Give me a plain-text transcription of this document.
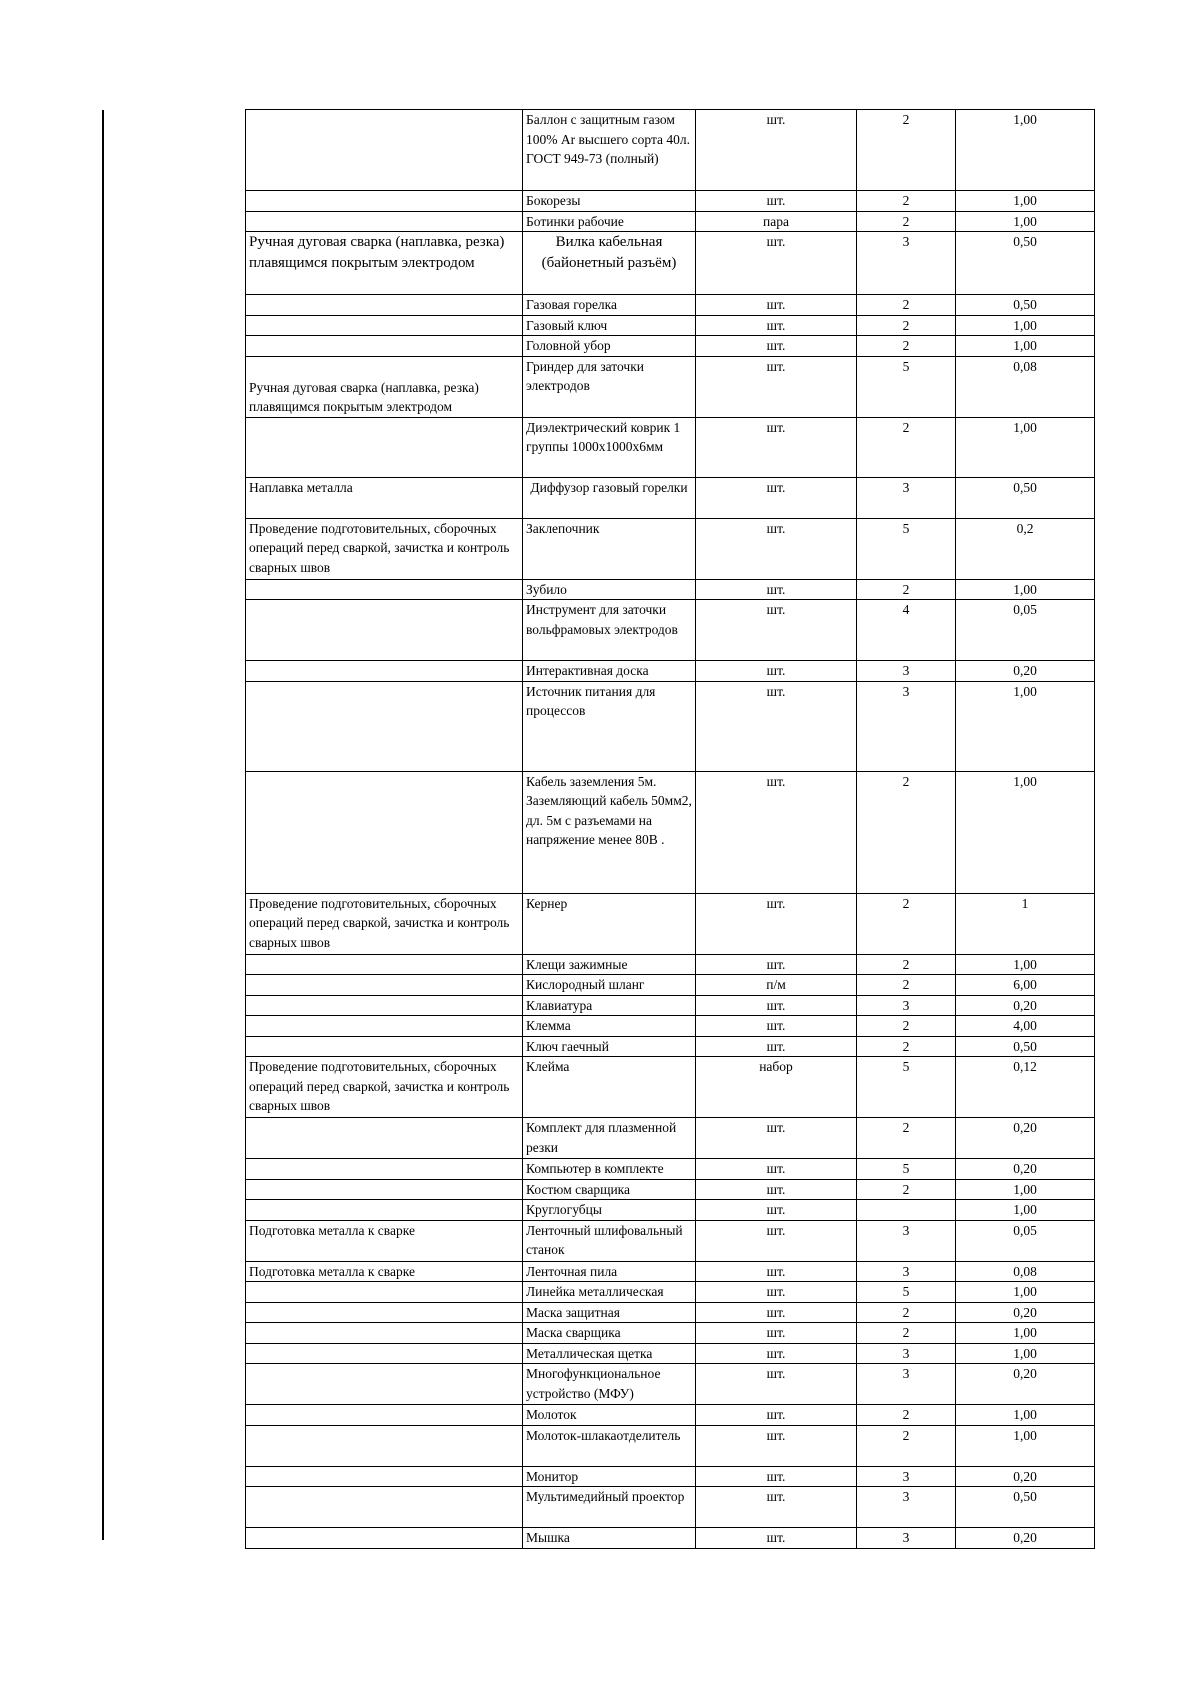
	Баллон с защитным газом 100% Ar высшего сорта 40л. ГОСТ 949-73 (полный)	шт.	2	1,00
	Бокорезы	шт.	2	1,00
	Ботинки рабочие	пара	2	1,00
Ручная дуговая сварка (наплавка, резка) плавящимся покрытым электродом	Вилка кабельная (байонетный разъём)	шт.	3	0,50
	Газовая горелка	шт.	2	0,50
	Газовый ключ	шт.	2	1,00
	Головной убор	шт.	2	1,00
Ручная дуговая сварка (наплавка, резка) плавящимся покрытым электродом	Гриндер для заточки электродов	шт.	5	0,08
	Диэлектрический коврик 1 группы 1000х1000х6мм	шт.	2	1,00
Наплавка металла	Диффузор газовый горелки	шт.	3	0,50
Проведение подготовительных, сборочных операций перед сваркой, зачистка и контроль сварных швов	Заклепочник	шт.	5	0,2
	Зубило	шт.	2	1,00
	Инструмент для заточки вольфрамовых электродов	шт.	4	0,05
	Интерактивная доска	шт.	3	0,20
	Источник питания для процессов	шт.	3	1,00
	Кабель заземления 5м. Заземляющий кабель 50мм2, дл. 5м с разъемами на напряжение менее 80В .	шт.	2	1,00
Проведение подготовительных, сборочных операций перед сваркой, зачистка и контроль сварных швов	Кернер	шт.	2	1
	Клещи зажимные	шт.	2	1,00
	Кислородный шланг	п/м	2	6,00
	Клавиатура	шт.	3	0,20
	Клемма	шт.	2	4,00
	Ключ гаечный	шт.	2	0,50
Проведение подготовительных, сборочных операций перед сваркой, зачистка и контроль сварных швов	Клейма	набор	5	0,12
	Комплект для плазменной резки	шт.	2	0,20
	Компьютер в комплекте	шт.	5	0,20
	Костюм сварщика	шт.	2	1,00
	Круглогубцы	шт.		1,00
Подготовка металла к сварке	Ленточный шлифовальный станок	шт.	3	0,05
Подготовка металла к сварке	Ленточная пила	шт.	3	0,08
	Линейка металлическая	шт.	5	1,00
	Маска защитная	шт.	2	0,20
	Маска сварщика	шт.	2	1,00
	Металлическая щетка	шт.	3	1,00
	Многофункциональное устройство (МФУ)	шт.	3	0,20
	Молоток	шт.	2	1,00
	Молоток-шлакаотделитель	шт.	2	1,00
	Монитор	шт.	3	0,20
	Мультимедийный проектор	шт.	3	0,50
	Мышка	шт.	3	0,20
